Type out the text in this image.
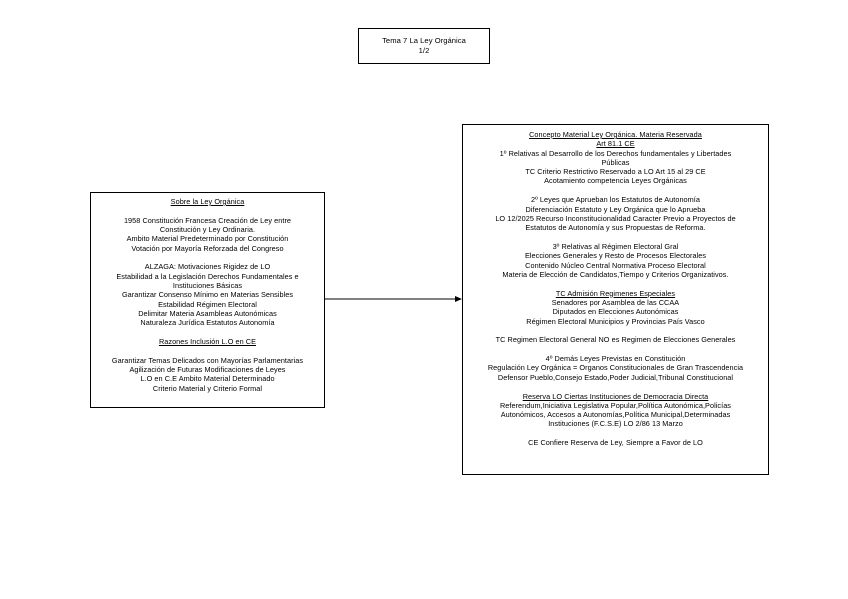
Tema 7 La Ley Orgánica
1/2
Sobre la Ley Orgánica
1958 Constitución Francesa Creación de Ley entre
Constitución y Ley Ordinaria.
Ambito Material Predeterminado por Constitución
Votación por Mayoría Reforzada del Congreso
ALZAGA: Motivaciones Rigidez de LO
Estabilidad a la Legislación Derechos Fundamentales e
Instituciones Básicas
Garantizar Consenso Mínimo en Materias Sensibles
Estabilidad Régimen Electoral
Delimitar Materia Asambleas Autonómicas
Naturaleza Jurídica Estatutos Autonomía
Razones Inclusión L.O en CE
Garantizar Temas Delicados con Mayorías Parlamentarias
Agilización de Futuras Modificaciones de Leyes
L.O en C.E Ambito Material Determinado
Criterio Material y Criterio Formal
Concepto Material Ley Orgánica. Materia Reservada
Art 81.1 CE
1º Relativas al Desarrollo de los Derechos fundamentales y Libertades
Públicas
TC Criterio Restrictivo Reservado a LO Art 15 al 29 CE
Acotamiento competencia Leyes Orgánicas
2º Leyes que Aprueban los Estatutos de Autonomía
Diferenciación Estatuto y Ley Orgánica que lo Aprueba
LO 12/2025 Recurso Inconstitucionalidad Caracter Previo a Proyectos de
Estatutos de Autonomía y sus Propuestas de Reforma.
3º Relativas al Régimen Electoral Gral
Elecciones Generales y Resto de Procesos Electorales
Contenido Núcleo Central Normativa Proceso Electoral
Materia de Elección de Candidatos,Tiempo y Criterios Organizativos.
TC Admisión Regimenes Especiales
Senadores por Asamblea de las CCAA
Diputados en Elecciones Autonómicas
Régimen Electoral Municipios y Provincias País Vasco
TC Regimen Electoral General NO es Regimen de Elecciones Generales
4º Demás Leyes Previstas en Constitución
Regulación Ley Orgánica = Organos Constitucionales de Gran Trascendencia
Defensor Pueblo,Consejo Estado,Poder Judicial,Tribunal Constitucional
Reserva LO Ciertas Instituciones de Democracia Directa
Referendum,Iniciativa Legislativa Popular,Política Autonómica,Policías
Autonómicos, Accesos a Autonomías,Política Municipal,Determinadas
Instituciones (F.C.S.E) LO 2/86 13 Marzo
CE Confiere Reserva de Ley, Siempre a Favor de LO
